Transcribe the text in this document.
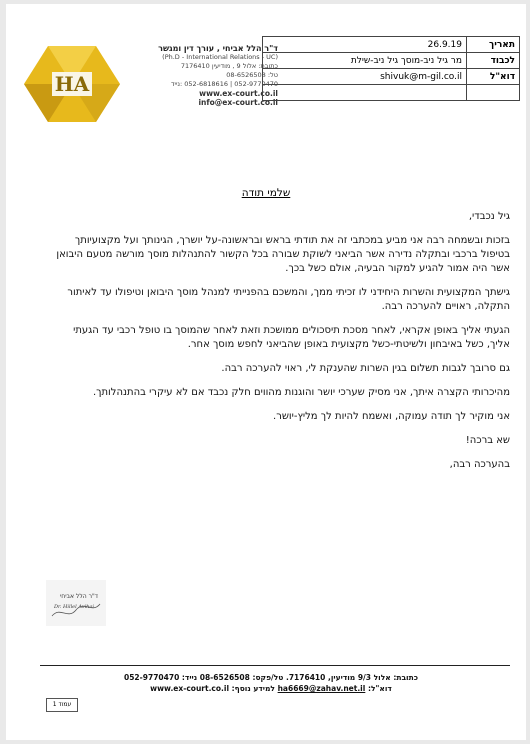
HA
ד"ר הלל אביחי , עורך דין ומגשר
(Ph.D - International Relations - UC)
כתובת: אלול 9 , מודיעין 7176410
טל: 08-6526508
052-9770470 | 052-6818616 :נייד
www.ex-court.co.il
info@ex-court.co.il
תאריך	26.9.19
לכבוד	מר גיל ניב-מוסך גיל ניב-שילת
דוא"ל	shivuk@m-gil.co.il

שלמי תודה

גיל נכבדי,

בזכות ובשמחה רבה אני מביע במכתבי זה את תודתי בראש ובראשונה-על יושרך, הגינותך ועל מקצועיותך בטיפול ברכבי ובתקלה נדירה אשר הביאני לשוקת שבורה בכל הקשור להתנהלות מוסך מורשה מטעם היבואן אשר היה אמור להגיע למקור הבעיה, אולם כשל בכך.

גישתך המקצועית והשרות היחידני לו זכיתי ממך, והמשכם בהפנייתי למנהל מוסך היבואן וטיפולו עד לאיתור התקלה, ראויים להערכה רבה.

הגעתי אליך באופן אקראי, לאחר מסכת תיסכולים ממושכת וזאת לאחר שהמוסך בו טופל רכבי עד הגעתי אליך, כשל באיבחון ולשיטתי-כשל מקצועית באופן שהביאני לחפש מוסך אחר.

גם סרובך לגבות תשלום בגין השרות שהענקת לי, ראוי להערכה רבה.

מהיכרותי הקצרה איתך, אני מסיק שערכי יושר והוגנות מהווים חלק נכבד אם לא עיקרי בהתנהלותך.

אני מוקיר לך תודה עמוקה, ואשמח להיות לך מליץ-יושר.

שא ברכה!

בהערכה רבה,

ד"ר הלל אביחי
Dr. Hillel Avihai
כתובת: אלול 9/3 מודיעין, 7176410. טל/פקס: 08-6526508 נייד: 052-9770470
דוא"ל: ha6669@zahav.net.il למידע נוסף: www.ex-court.co.il
עמוד 1
